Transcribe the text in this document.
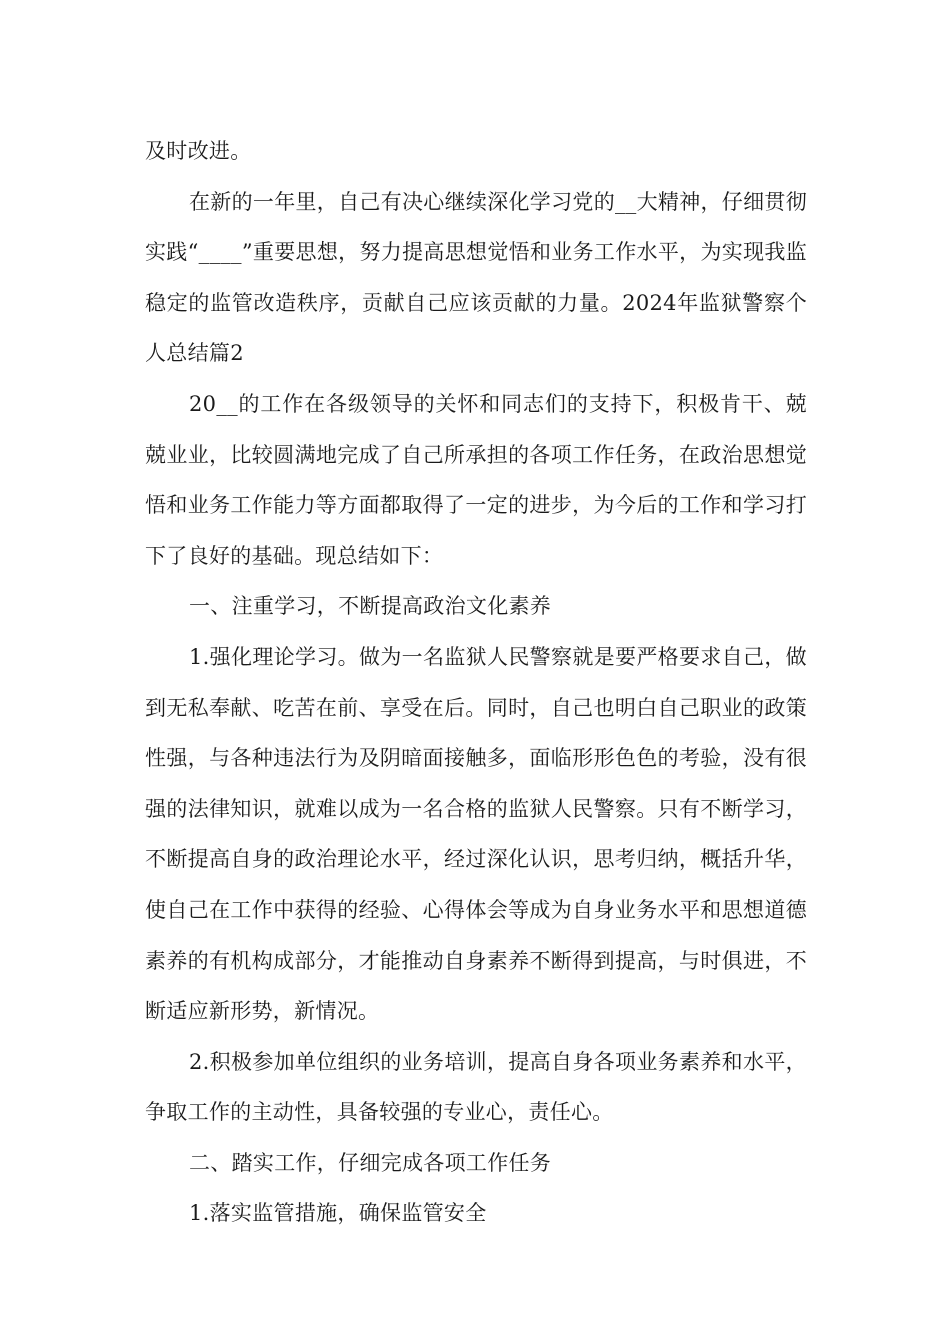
及时改进。

在新的一年里，自己有决心继续深化学习党的__大精神，仔细贯彻实践“____”重要思想，努力提高思想觉悟和业务工作水平，为实现我监稳定的监管改造秩序，贡献自己应该贡献的力量。2024年监狱警察个人总结篇2

20__的工作在各级领导的关怀和同志们的支持下，积极肯干、兢兢业业，比较圆满地完成了自己所承担的各项工作任务，在政治思想觉悟和业务工作能力等方面都取得了一定的进步，为今后的工作和学习打下了良好的基础。现总结如下：

一、注重学习，不断提高政治文化素养

1.强化理论学习。做为一名监狱人民警察就是要严格要求自己，做到无私奉献、吃苦在前、享受在后。同时，自己也明白自己职业的政策性强，与各种违法行为及阴暗面接触多，面临形形色色的考验，没有很强的法律知识，就难以成为一名合格的监狱人民警察。只有不断学习，不断提高自身的政治理论水平，经过深化认识，思考归纳，概括升华，使自己在工作中获得的经验、心得体会等成为自身业务水平和思想道德素养的有机构成部分，才能推动自身素养不断得到提高，与时俱进，不断适应新形势，新情况。

2.积极参加单位组织的业务培训，提高自身各项业务素养和水平，争取工作的主动性，具备较强的专业心，责任心。

二、踏实工作，仔细完成各项工作任务

1.落实监管措施，确保监管安全
